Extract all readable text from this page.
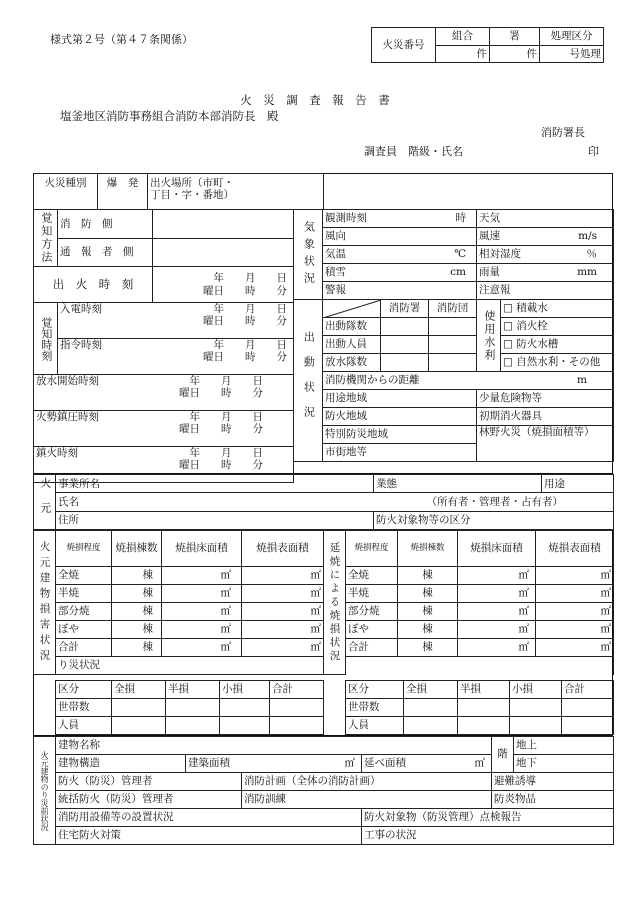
様式第２号（第４７条関係）	火災番号	組合	署	処理区分
	件	件	号処理
火　災　調　査　報　告　書
塩釜地区消防事務組合消防本部消防長　殿
消防署長
調査員　階級・氏名	印
火災種別	爆　発	出火場所（市町・
丁目・字・番地）
覚知方法	消　防　側	
	通　報　者　側	
出　火　時　刻		年   月   日
曜日   時   分

覚知時刻	入電時刻 年   月   日
曜日   時   分	

	指令時刻 年   月   日
曜日   時   分	

放水開始時刻 年   月   日
曜日   時   分		

火勢鎮圧時刻 年   月   日
曜日   時   分		

鎮火時刻 年   月   日
曜日   時   分		
気象状況	観測時刻 時			天気	
	風向			風速 m/s	

	気温 ℃			相対湿度 ％	

	積雪 cm			雨量 mm	

	警報			注意報	
出動状況		消防署	消防団	使用水利	□ 積載水
	出動隊数				□ 消火栓
	出動人員				□ 防火水槽
	放水隊数				□ 自然水利・その他
	消防機関からの距離 m				

	用途地域			少量危険物等	
	防火地域			初期消火器具	
	特別防災地域			林野火災（焼損面積等）	
	市街地等				
火元	事業所名	業態	用途
	氏名 （所有者・管理者・占有者）		

	住所	防火対象物等の区分	
火元建物損害状況	焼損程度	焼損棟数	焼損床面積	焼損表面積
	全焼	棟	㎡	㎡
	半焼	棟	㎡	㎡
	部分焼	棟	㎡	㎡
	ぼや	棟	㎡	㎡
	合計	棟	㎡	㎡
	り災状況			
区分	全損	半損	小損	合計
世帯数				
人員				
延焼による焼損状況	焼損程度	焼損棟数	焼損床面積	焼損表面積
	全焼	棟	㎡	㎡
	半焼	棟	㎡	㎡
	部分焼	棟	㎡	㎡
	ぼや	棟	㎡	㎡
	合計	棟	㎡	㎡

区分	全損	半損	小損	合計
世帯数				
人員				
火元建物のり災前状況	建物名称				階	地上
	建物構造	建築面積 ㎡		延べ面積 ㎡		地下
	防火（防災）管理者		消防計画（全体の消防計画）		避難誘導	
	統括防火（防災）管理者		消防訓練		防炎物品	
	消防用設備等の設置状況			防火対象物（防災管理）点検報告		
	住宅防火対策			工事の状況		
